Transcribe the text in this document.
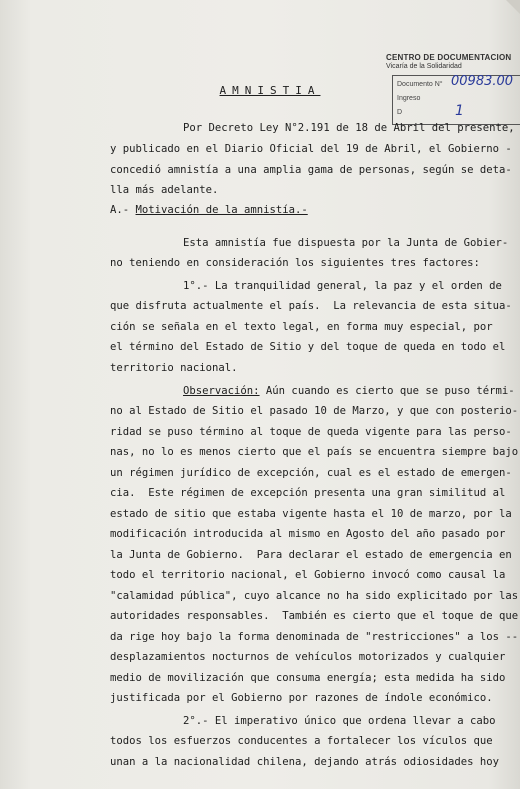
CENTRO DE DOCUMENTACION
Vicaría de la Solidaridad
Documento N° 00983.00
Ingreso
D	1
AMNISTIA
Por Decreto Ley N°2.191 de 18 de Abril del presente,
y publicado en el Diario Oficial del 19 de Abril, el Gobierno -
concedió amnistía a una amplia gama de personas, según se deta-
lla más adelante.
A.- Motivación de la amnistía.-
Esta amnistía fue dispuesta por la Junta de Gobier-
no teniendo en consideración los siguientes tres factores:
1°.- La tranquilidad general, la paz y el orden de
que disfruta actualmente el país.  La relevancia de esta situa-
ción se señala en el texto legal, en forma muy especial, por
el término del Estado de Sitio y del toque de queda en todo el
territorio nacional.
Observación: Aún cuando es cierto que se puso térmi-
no al Estado de Sitio el pasado 10 de Marzo, y que con posterio-
ridad se puso término al toque de queda vigente para las perso-
nas, no lo es menos cierto que el país se encuentra siempre bajo
un régimen jurídico de excepción, cual es el estado de emergen-
cia.  Este régimen de excepción presenta una gran similitud al
estado de sitio que estaba vigente hasta el 10 de marzo, por la
modificación introducida al mismo en Agosto del año pasado por
la Junta de Gobierno.  Para declarar el estado de emergencia en
todo el territorio nacional, el Gobierno invocó como causal la
"calamidad pública", cuyo alcance no ha sido explicitado por las
autoridades responsables.  También es cierto que el toque de que
da rige hoy bajo la forma denominada de "restricciones" a los --
desplazamientos nocturnos de vehículos motorizados y cualquier
medio de movilización que consuma energía; esta medida ha sido
justificada por el Gobierno por razones de índole económico.
2°.- El imperativo único que ordena llevar a cabo
todos los esfuerzos conducentes a fortalecer los vículos que
unan a la nacionalidad chilena, dejando atrás odiosidades hoy
